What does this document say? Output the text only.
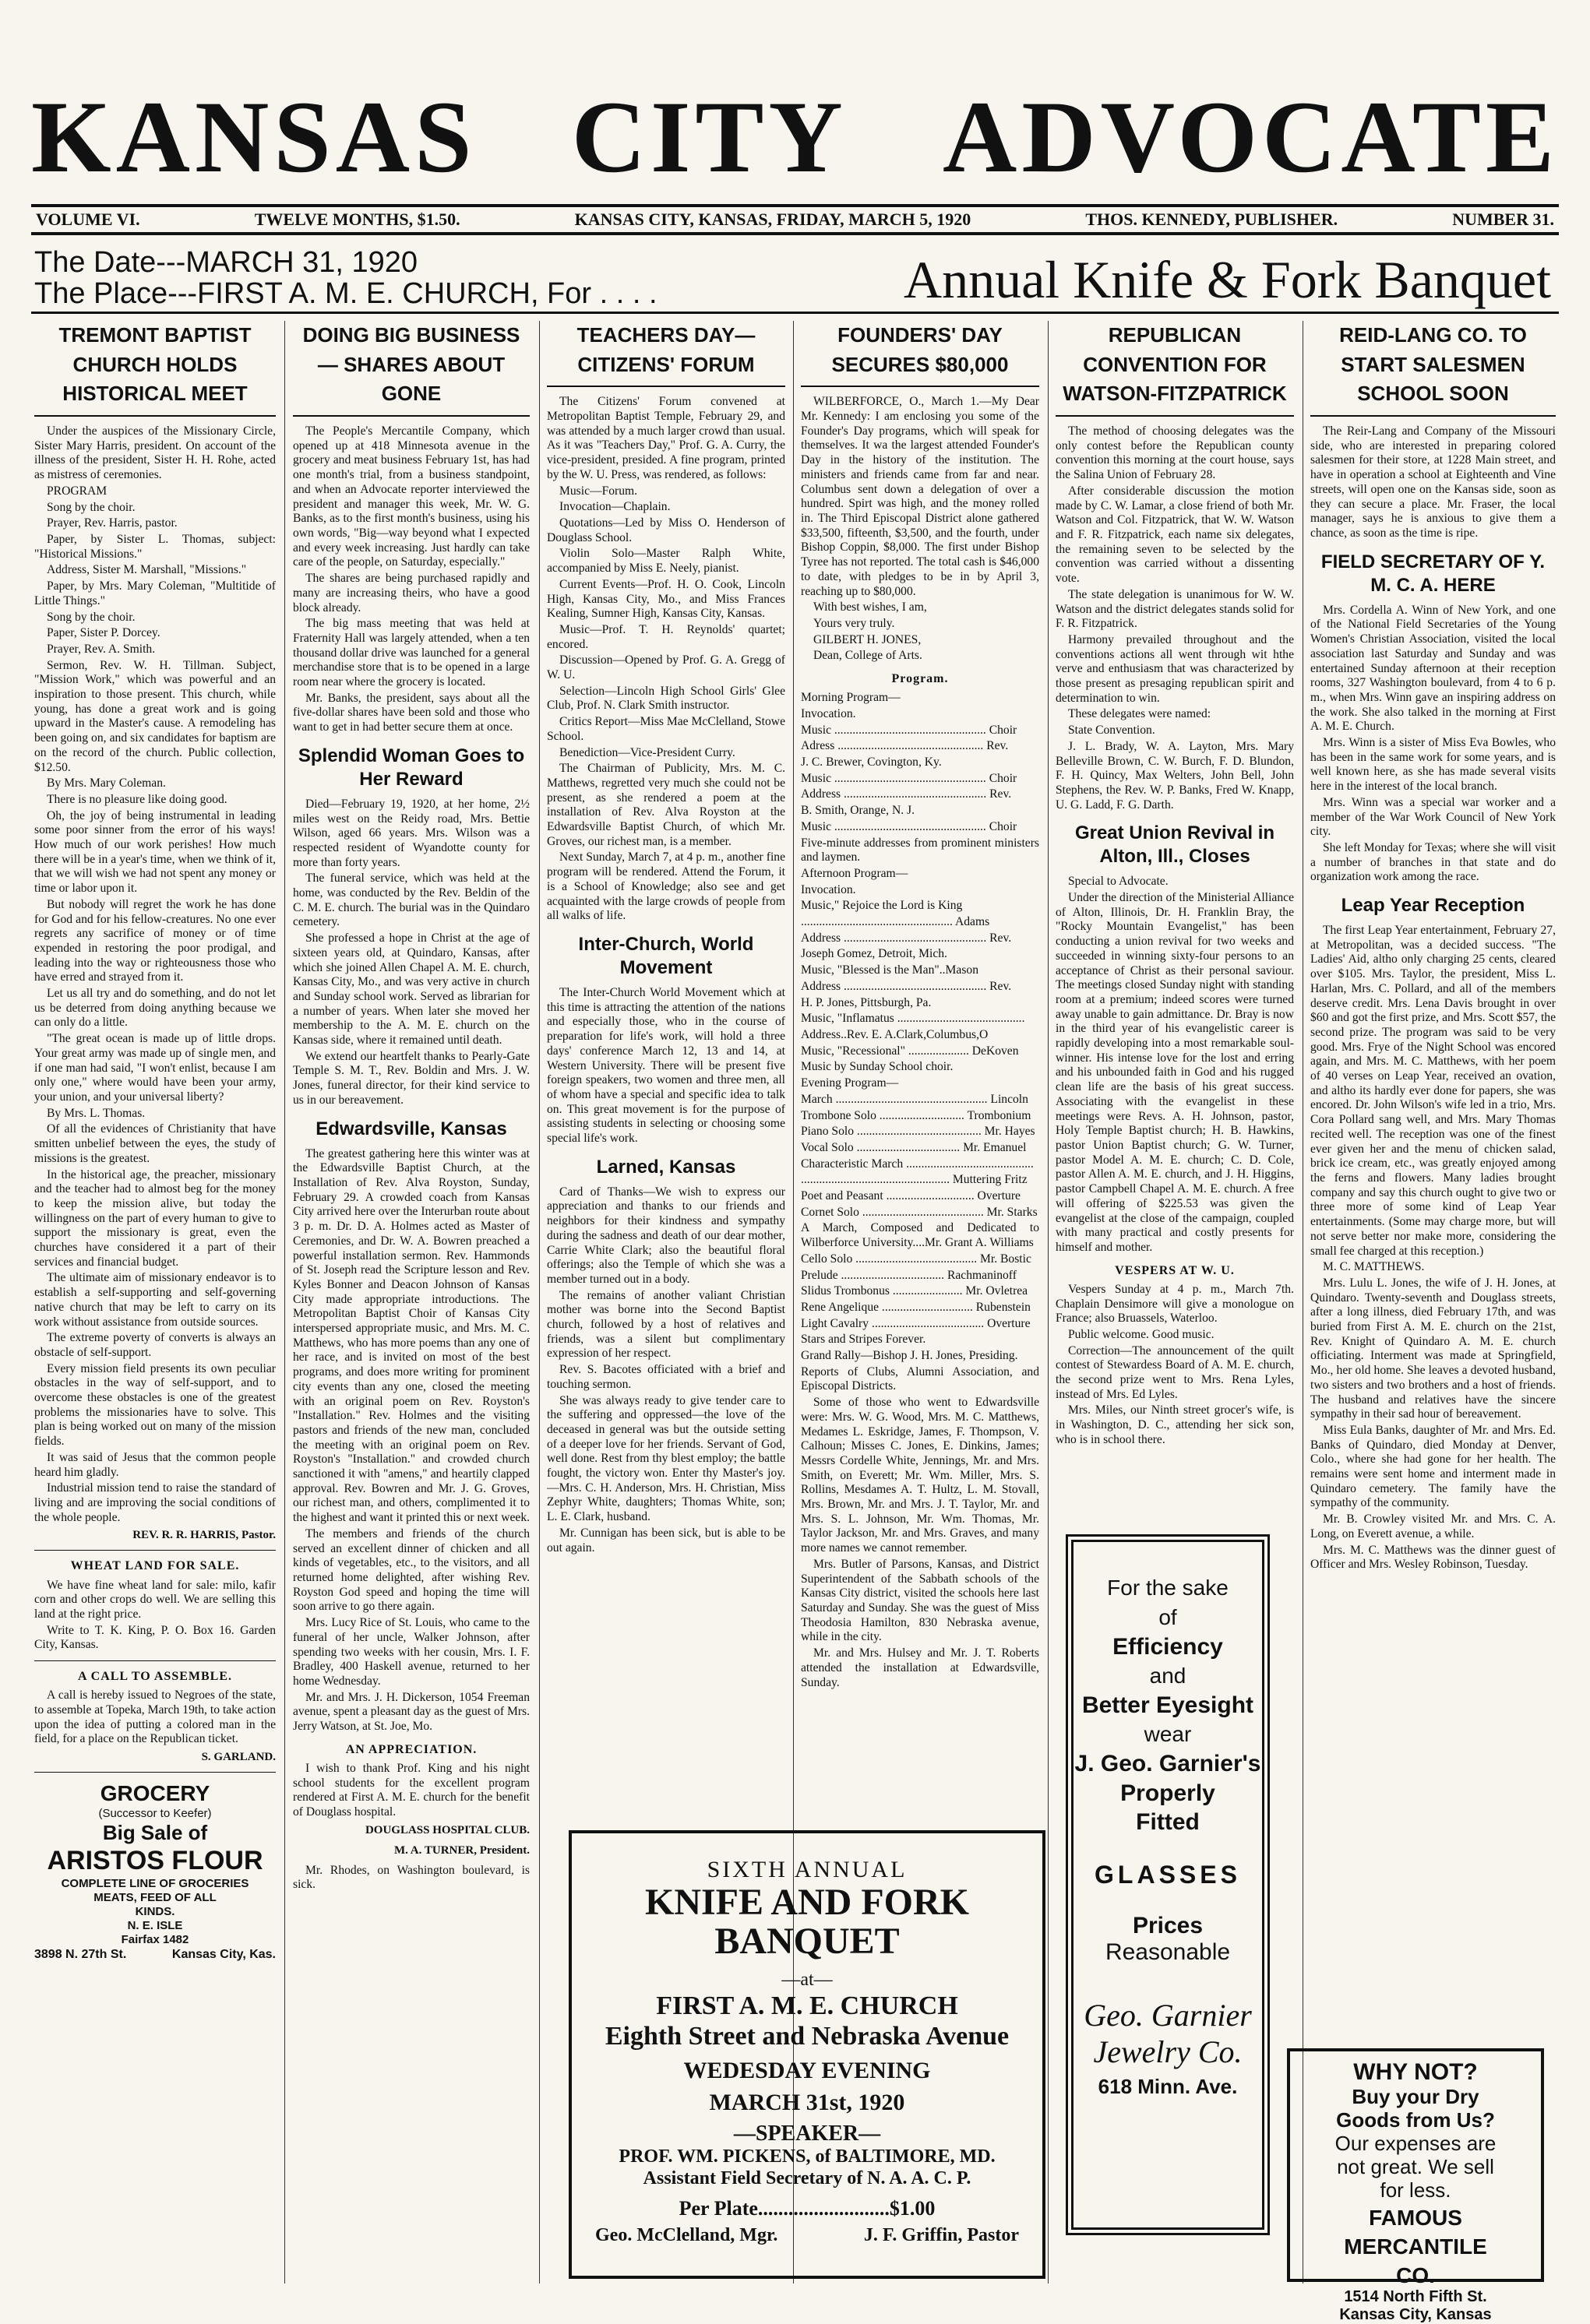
KANSAS CITY ADVOCATE
VOLUME VI.	TWELVE MONTHS, $1.50.	KANSAS CITY, KANSAS, FRIDAY, MARCH 5, 1920	THOS. KENNEDY, PUBLISHER.	NUMBER 31.
The Date---MARCH 31, 1920
The Place---FIRST A. M. E. CHURCH, For . . . .	Annual Knife & Fork Banquet
TREMONT BAPTIST CHURCH HOLDS HISTORICAL MEET

Under the auspices of the Missionary Circle, Sister Mary Harris, president. On account of the illness of the president, Sister H. H. Rohe, acted as mistress of ceremonies.

PROGRAM

Song by the choir.

Prayer, Rev. Harris, pastor.

Paper, by Sister L. Thomas, subject: "Historical Missions."

Address, Sister M. Marshall, "Missions."

Paper, by Mrs. Mary Coleman, "Multitide of Little Things."

Song by the choir.

Paper, Sister P. Dorcey.

Prayer, Rev. A. Smith.

Sermon, Rev. W. H. Tillman. Subject, "Mission Work," which was powerful and an inspiration to those present. This church, while young, has done a great work and is going upward in the Master's cause. A remodeling has been going on, and six candidates for baptism are on the record of the church. Public collection, $12.50.

By Mrs. Mary Coleman.

There is no pleasure like doing good.

Oh, the joy of being instrumental in leading some poor sinner from the error of his ways! How much of our work perishes! How much there will be in a year's time, when we think of it, that we will wish we had not spent any money or time or labor upon it.

But nobody will regret the work he has done for God and for his fellow-creatures. No one ever regrets any sacrifice of money or of time expended in restoring the poor prodigal, and leading into the way or righteousness those who have erred and strayed from it.

Let us all try and do something, and do not let us be deterred from doing anything because we can only do a little.

"The great ocean is made up of little drops. Your great army was made up of single men, and if one man had said, "I won't enlist, because I am only one," where would have been your army, your union, and your universal liberty?

By Mrs. L. Thomas.

Of all the evidences of Christianity that have smitten unbelief between the eyes, the study of missions is the greatest.

In the historical age, the preacher, missionary and the teacher had to almost beg for the money to keep the mission alive, but today the willingness on the part of every human to give to support the missionary is great, even the churches have considered it a part of their services and financial budget.

The ultimate aim of missionary endeavor is to establish a self-supporting and self-governing native church that may be left to carry on its work without assistance from outside sources.

The extreme poverty of converts is always an obstacle of self-support.

Every mission field presents its own peculiar obstacles in the way of self-support, and to overcome these obstacles is one of the greatest problems the missionaries have to solve. This plan is being worked out on many of the mission fields.

It was said of Jesus that the common people heard him gladly.

Industrial mission tend to raise the standard of living and are improving the social conditions of the whole people.

REV. R. R. HARRIS, Pastor.
WHEAT LAND FOR SALE.

We have fine wheat land for sale: milo, kafir corn and other crops do well. We are selling this land at the right price.

Write to T. K. King, P. O. Box 16. Garden City, Kansas.

A CALL TO ASSEMBLE.

A call is hereby issued to Negroes of the state, to assemble at Topeka, March 19th, to take action upon the idea of putting a colored man in the field, for a place on the Republican ticket.

S. GARLAND.
GROCERY
(Successor to Keefer)
Big Sale of
ARISTOS FLOUR
COMPLETE LINE OF GROCERIES
MEATS, FEED OF ALL
KINDS.
N. E. ISLE
Fairfax 1482
3898 N. 27th St.	Kansas City, Kas.
DOING BIG BUSINESS — SHARES ABOUT GONE

The People's Mercantile Company, which opened up at 418 Minnesota avenue in the grocery and meat business February 1st, has had one month's trial, from a business standpoint, and when an Advocate reporter interviewed the president and manager this week, Mr. W. G. Banks, as to the first month's business, using his own words, "Big—way beyond what I expected and every week increasing. Just hardly can take care of the people, on Saturday, especially."

The shares are being purchased rapidly and many are increasing theirs, who have a good block already.

The big mass meeting that was held at Fraternity Hall was largely attended, when a ten thousand dollar drive was launched for a general merchandise store that is to be opened in a large room near where the grocery is located.

Mr. Banks, the president, says about all the five-dollar shares have been sold and those who want to get in had better secure them at once.

Splendid Woman Goes to Her Reward

Died—February 19, 1920, at her home, 2½ miles west on the Reidy road, Mrs. Bettie Wilson, aged 66 years. Mrs. Wilson was a respected resident of Wyandotte county for more than forty years.

The funeral service, which was held at the home, was conducted by the Rev. Beldin of the C. M. E. church. The burial was in the Quindaro cemetery.

She professed a hope in Christ at the age of sixteen years old, at Quindaro, Kansas, after which she joined Allen Chapel A. M. E. church, Kansas City, Mo., and was very active in church and Sunday school work. Served as librarian for a number of years. When later she moved her membership to the A. M. E. church on the Kansas side, where it remained until death.

We extend our heartfelt thanks to Pearly-Gate Temple S. M. T., Rev. Boldin and Mrs. J. W. Jones, funeral director, for their kind service to us in our bereavement.

Edwardsville, Kansas

The greatest gathering here this winter was at the Edwardsville Baptist Church, at the Installation of Rev. Alva Royston, Sunday, February 29. A crowded coach from Kansas City arrived here over the Interurban route about 3 p. m. Dr. D. A. Holmes acted as Master of Ceremonies, and Dr. W. A. Bowren preached a powerful installation sermon. Rev. Hammonds of St. Joseph read the Scripture lesson and Rev. Kyles Bonner and Deacon Johnson of Kansas City made appropriate introductions. The Metropolitan Baptist Choir of Kansas City interspersed appropriate music, and Mrs. M. C. Matthews, who has more poems than any one of her race, and is invited on most of the best programs, and does more writing for prominent city events than any one, closed the meeting with an original poem on Rev. Royston's "Installation." Rev. Holmes and the visiting pastors and friends of the new man, concluded the meeting with an original poem on Rev. Royston's "Installation." and crowded church sanctioned it with "amens," and heartily clapped approval. Rev. Bowren and Mr. J. G. Groves, our richest man, and others, complimented it to the highest and want it printed this or next week.

The members and friends of the church served an excellent dinner of chicken and all kinds of vegetables, etc., to the visitors, and all returned home delighted, after wishing Rev. Royston God speed and hoping the time will soon arrive to go there again.

Mrs. Lucy Rice of St. Louis, who came to the funeral of her uncle, Walker Johnson, after spending two weeks with her cousin, Mrs. I. F. Bradley, 400 Haskell avenue, returned to her home Wednesday.

Mr. and Mrs. J. H. Dickerson, 1054 Freeman avenue, spent a pleasant day as the guest of Mrs. Jerry Watson, at St. Joe, Mo.

AN APPRECIATION.

I wish to thank Prof. King and his night school students for the excellent program rendered at First A. M. E. church for the benefit of Douglass hospital.

DOUGLASS HOSPITAL CLUB.
M. A. TURNER, President.

Mr. Rhodes, on Washington boulevard, is sick.

TEACHERS DAY— CITIZENS' FORUM

The Citizens' Forum convened at Metropolitan Baptist Temple, February 29, and was attended by a much larger crowd than usual. As it was "Teachers Day," Prof. G. A. Curry, the vice-president, presided. A fine program, printed by the W. U. Press, was rendered, as follows:

Music—Forum.

Invocation—Chaplain.

Quotations—Led by Miss O. Henderson of Douglass School.

Violin Solo—Master Ralph White, accompanied by Miss E. Neely, pianist.

Current Events—Prof. H. O. Cook, Lincoln High, Kansas City, Mo., and Miss Frances Kealing, Sumner High, Kansas City, Kansas.

Music—Prof. T. H. Reynolds' quartet; encored.

Discussion—Opened by Prof. G. A. Gregg of W. U.

Selection—Lincoln High School Girls' Glee Club, Prof. N. Clark Smith instructor.

Critics Report—Miss Mae McClelland, Stowe School.

Benediction—Vice-President Curry.

The Chairman of Publicity, Mrs. M. C. Matthews, regretted very much she could not be present, as she rendered a poem at the installation of Rev. Alva Royston at the Edwardsville Baptist Church, of which Mr. Groves, our richest man, is a member.

Next Sunday, March 7, at 4 p. m., another fine program will be rendered. Attend the Forum, it is a School of Knowledge; also see and get acquainted with the large crowds of people from all walks of life.

Inter-Church, World Movement

The Inter-Church World Movement which at this time is attracting the attention of the nations and especially those, who in the course of preparation for life's work, will hold a three days' conference March 12, 13 and 14, at Western University. There will be present five foreign speakers, two women and three men, all of whom have a special and specific idea to talk on. This great movement is for the purpose of assisting students in selecting or choosing some special life's work.

Larned, Kansas

Card of Thanks—We wish to express our appreciation and thanks to our friends and neighbors for their kindness and sympathy during the sadness and death of our dear mother, Carrie White Clark; also the beautiful floral offerings; also the Temple of which she was a member turned out in a body.

The remains of another valiant Christian mother was borne into the Second Baptist church, followed by a host of relatives and friends, was a silent but complimentary expression of her respect.

Rev. S. Bacotes officiated with a brief and touching sermon.

She was always ready to give tender care to the suffering and oppressed—the love of the deceased in general was but the outside setting of a deeper love for her friends. Servant of God, well done. Rest from thy blest employ; the battle fought, the victory won. Enter thy Master's joy.—Mrs. C. H. Anderson, Mrs. H. Christian, Miss Zephyr White, daughters; Thomas White, son; L. E. Clark, husband.

Mr. Cunnigan has been sick, but is able to be out again.

FOUNDERS' DAY SECURES $80,000

WILBERFORCE, O., March 1.—My Dear Mr. Kennedy: I am enclosing you some of the Founder's Day programs, which will speak for themselves. It wa the largest attended Founder's Day in the history of the institution. The ministers and friends came from far and near. Columbus sent down a delegation of over a hundred. Spirt was high, and the money rolled in. The Third Episcopal District alone gathered $33,500, fifteenth, $3,500, and the fourth, under Bishop Coppin, $8,000. The first under Bishop Tyree has not reported. The total cash is $46,000 to date, with pledges to be in by April 3, reaching up to $80,000.

With best wishes, I am,

Yours very truly.

GILBERT H. JONES,

Dean, College of Arts.

Program.

Morning Program—

Invocation.

Music .................................................. Choir

Adress ................................................ Rev.

J. C. Brewer, Covington, Ky.

Music .................................................. Choir

Address ............................................... Rev.

B. Smith, Orange, N. J.

Music .................................................. Choir

Five-minute addresses from prominent ministers and laymen.

Afternoon Program—

Invocation.

Music," Rejoice the Lord is King

.................................................. Adams

Address ............................................... Rev.

Joseph Gomez, Detroit, Mich.

Music, "Blessed is the Man"..Mason

Address ............................................... Rev.

H. P. Jones, Pittsburgh, Pa.

Music, "Inflamatus ..........................................

Address..Rev. E. A.Clark,Columbus,O

Music, "Recessional" .................... DeKoven

Music by Sunday School choir.

Evening Program—

March .................................................. Lincoln

Trombone Solo ............................ Trombonium

Piano Solo ......................................... Mr. Hayes

Vocal Solo .................................. Mr. Emanuel

Characteristic March ..........................................

................................................. Muttering Fritz

Poet and Peasant ............................. Overture

Cornet Solo ........................................ Mr. Starks

A March, Composed and Dedicated to Wilberforce University....Mr. Grant A. Williams

Cello Solo ........................................ Mr. Bostic

Prelude .................................. Rachmaninoff

Slidus Trombonus ....................... Mr. Ovletrea

Rene Angelique .............................. Rubenstein

Light Cavalry ..................................... Overture

Stars and Stripes Forever.

Grand Rally—Bishop J. H. Jones, Presiding.

Reports of Clubs, Alumni Association, and Episcopal Districts.

Some of those who went to Edwardsville were: Mrs. W. G. Wood, Mrs. M. C. Matthews, Medames L. Eskridge, James, F. Thompson, V. Calhoun; Misses C. Jones, E. Dinkins, James; Messrs Cordelle White, Jennings, Mr. and Mrs. Smith, on Everett; Mr. Wm. Miller, Mrs. S. Rollins, Mesdames A. T. Hultz, L. M. Stovall, Mrs. Brown, Mr. and Mrs. J. T. Taylor, Mr. and Mrs. S. L. Johnson, Mr. Wm. Thomas, Mr. Taylor Jackson, Mr. and Mrs. Graves, and many more names we cannot remember.

Mrs. Butler of Parsons, Kansas, and District Superintendent of the Sabbath schools of the Kansas City district, visited the schools here last Saturday and Sunday. She was the guest of Miss Theodosia Hamilton, 830 Nebraska avenue, while in the city.

Mr. and Mrs. Hulsey and Mr. J. T. Roberts attended the installation at Edwardsville, Sunday.

REPUBLICAN CONVENTION FOR WATSON-FITZPATRICK

The method of choosing delegates was the only contest before the Republican county convention this morning at the court house, says the Salina Union of February 28.

After considerable discussion the motion made by C. W. Lamar, a close friend of both Mr. Watson and Col. Fitzpatrick, that W. W. Watson and F. R. Fitzpatrick, each name six delegates, the remaining seven to be selected by the convention was carried without a dissenting vote.

The state delegation is unanimous for W. W. Watson and the district delegates stands solid for F. R. Fitzpatrick.

Harmony prevailed throughout and the conventions actions all went through wit hthe verve and enthusiasm that was characterized by those present as presaging republican spirit and determination to win.

These delegates were named:

State Convention.

J. L. Brady, W. A. Layton, Mrs. Mary Belleville Brown, C. W. Burch, F. D. Blundon, F. H. Quincy, Max Welters, John Bell, John Stephens, the Rev. W. P. Banks, Fred W. Knapp, U. G. Ladd, F. G. Darth.

Great Union Revival in Alton, Ill., Closes

Special to Advocate.

Under the direction of the Ministerial Alliance of Alton, Illinois, Dr. H. Franklin Bray, the "Rocky Mountain Evangelist," has been conducting a union revival for two weeks and succeeded in winning sixty-four persons to an acceptance of Christ as their personal saviour. The meetings closed Sunday night with standing room at a premium; indeed scores were turned away unable to gain admittance. Dr. Bray is now in the third year of his evangelistic career is rapidly developing into a most remarkable soul-winner. His intense love for the lost and erring and his unbounded faith in God and his rugged clean life are the basis of his great success. Associating with the evangelist in these meetings were Revs. A. H. Johnson, pastor, Holy Temple Baptist church; H. B. Hawkins, pastor Union Baptist church; G. W. Turner, pastor Model A. M. E. church; C. D. Cole, pastor Allen A. M. E. church, and J. H. Higgins, pastor Campbell Chapel A. M. E. church. A free will offering of $225.53 was given the evangelist at the close of the campaign, coupled with many practical and costly presents for himself and mother.

VESPERS AT W. U.

Vespers Sunday at 4 p. m., March 7th. Chaplain Densimore will give a monologue on France; also Bruassels, Waterloo.

Public welcome. Good music.

Correction—The announcement of the quilt contest of Stewardess Board of A. M. E. church, the second prize went to Mrs. Rena Lyles, instead of Mrs. Ed Lyles.

Mrs. Miles, our Ninth street grocer's wife, is in Washington, D. C., attending her sick son, who is in school there.

REID-LANG CO. TO START SALESMEN SCHOOL SOON

The Reir-Lang and Company of the Missouri side, who are interested in preparing colored salesmen for their store, at 1228 Main street, and have in operation a school at Eighteenth and Vine streets, will open one on the Kansas side, soon as they can secure a place. Mr. Fraser, the local manager, says he is anxious to give them a chance, as soon as the time is ripe.

FIELD SECRETARY OF Y. M. C. A. HERE

Mrs. Cordella A. Winn of New York, and one of the National Field Secretaries of the Young Women's Christian Association, visited the local association last Saturday and Sunday and was entertained Sunday afternoon at their reception rooms, 327 Washington boulevard, from 4 to 6 p. m., when Mrs. Winn gave an inspiring address on the work. She also talked in the morning at First A. M. E. Church.

Mrs. Winn is a sister of Miss Eva Bowles, who has been in the same work for some years, and is well known here, as she has made several visits here in the interest of the local branch.

Mrs. Winn was a special war worker and a member of the War Work Council of New York city.

She left Monday for Texas; where she will visit a number of branches in that state and do organization work among the race.

Leap Year Reception

The first Leap Year entertainment, February 27, at Metropolitan, was a decided success. "The Ladies' Aid, altho only charging 25 cents, cleared over $105. Mrs. Taylor, the president, Miss L. Harlan, Mrs. C. Pollard, and all of the members deserve credit. Mrs. Lena Davis brought in over $60 and got the first prize, and Mrs. Scott $57, the second prize. The program was said to be very good. Mrs. Frye of the Night School was encored again, and Mrs. M. C. Matthews, with her poem of 40 verses on Leap Year, received an ovation, and altho its hardly ever done for papers, she was encored. Dr. John Wilson's wife led in a trio, Mrs. Cora Pollard sang well, and Mrs. Mary Thomas recited well. The reception was one of the finest ever given her and the menu of chicken salad, brick ice cream, etc., was greatly enjoyed among the ferns and flowers. Many ladies brought company and say this church ought to give two or three more of some kind of Leap Year entertainments. (Some may charge more, but will not serve better nor make more, considering the small fee charged at this reception.)

M. C. MATTHEWS.

Mrs. Lulu L. Jones, the wife of J. H. Jones, at Quindaro. Twenty-seventh and Douglass streets, after a long illness, died February 17th, and was buried from First A. M. E. church on the 21st, Rev. Knight of Quindaro A. M. E. church officiating. Interment was made at Springfield, Mo., her old home. She leaves a devoted husband, two sisters and two brothers and a host of friends. The husband and relatives have the sincere sympathy in their sad hour of bereavement.

Miss Eula Banks, daughter of Mr. and Mrs. Ed. Banks of Quindaro, died Monday at Denver, Colo., where she had gone for her health. The remains were sent home and interment made in Quindaro cemetery. The family have the sympathy of the community.

Mr. B. Crowley visited Mr. and Mrs. C. A. Long, on Everett avenue, a while.

Mrs. M. C. Matthews was the dinner guest of Officer and Mrs. Wesley Robinson, Tuesday.

SIXTH ANNUAL
KNIFE AND FORK
BANQUET
—at—
FIRST A. M. E. CHURCH
Eighth Street and Nebraska Avenue
WEDESDAY EVENING
MARCH 31st, 1920
—SPEAKER—
PROF. WM. PICKENS, of BALTIMORE, MD.
Assistant Field Secretary of N. A. A. C. P.
Per Plate..........................$1.00
Geo. McClelland, Mgr.	J. F. Griffin, Pastor
For the sake
of
Efficiency
and
Better Eyesight
wear
J. Geo. Garnier's
Properly
Fitted
GLASSES
Prices
Reasonable
Geo. Garnier Jewelry Co.
618 Minn. Ave.
WHY NOT?
Buy your Dry
Goods from Us?
Our expenses are
not great. We sell
for less.
FAMOUS
MERCANTILE
CO.
1514 North Fifth St.
Kansas City, Kansas
